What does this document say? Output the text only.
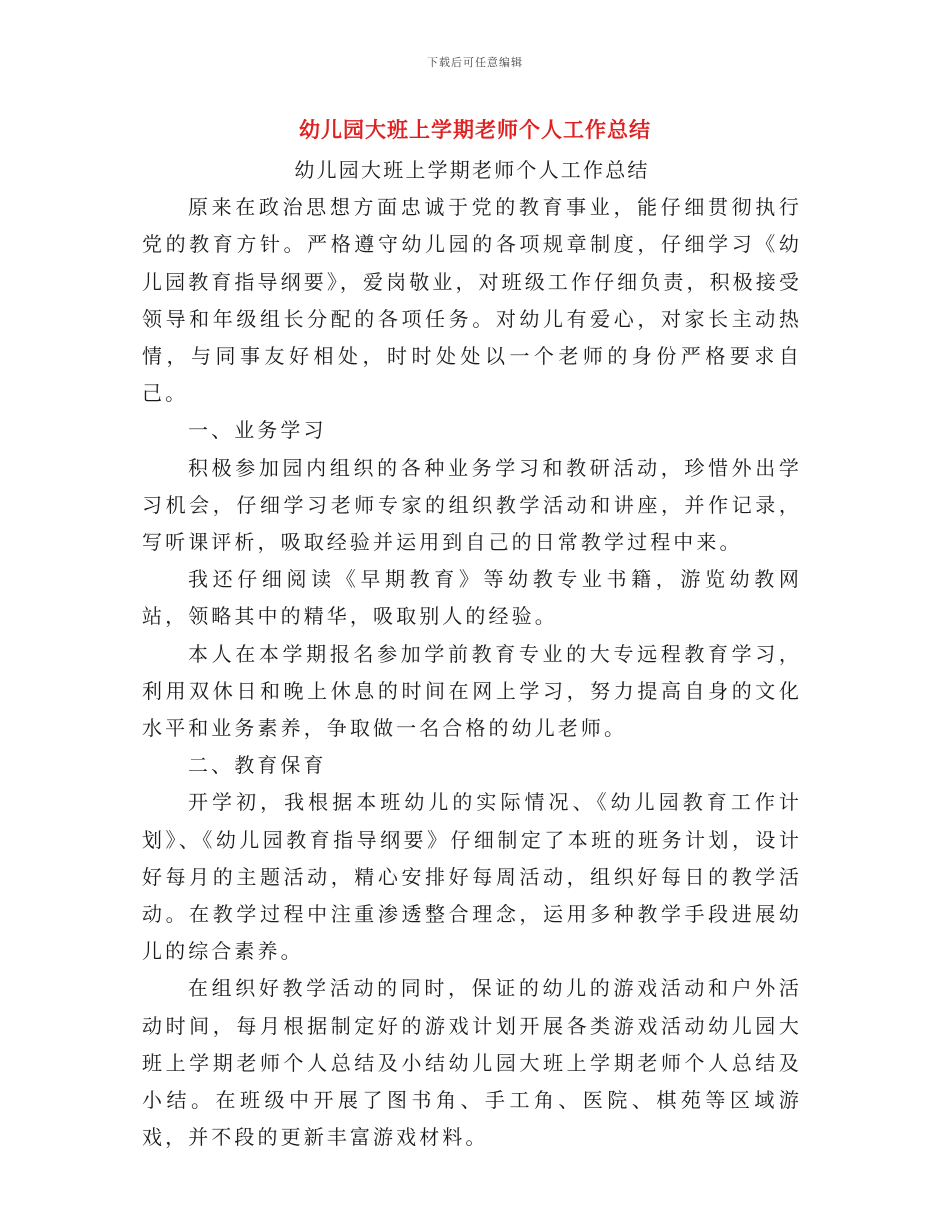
下载后可任意编辑
幼儿园大班上学期老师个人工作总结

幼儿园大班上学期老师个人工作总结

原来在政治思想方面忠诚于党的教育事业，能仔细贯彻执行党的教育方针。严格遵守幼儿园的各项规章制度，仔细学习《幼儿园教育指导纲要》，爱岗敬业，对班级工作仔细负责，积极接受领导和年级组长分配的各项任务。对幼儿有爱心，对家长主动热情，与同事友好相处，时时处处以一个老师的身份严格要求自己。

一、业务学习

积极参加园内组织的各种业务学习和教研活动，珍惜外出学习机会，仔细学习老师专家的组织教学活动和讲座，并作记录，写听课评析，吸取经验并运用到自己的日常教学过程中来。

我还仔细阅读《早期教育》等幼教专业书籍，游览幼教网站，领略其中的精华，吸取别人的经验。

本人在本学期报名参加学前教育专业的大专远程教育学习，利用双休日和晚上休息的时间在网上学习，努力提高自身的文化水平和业务素养，争取做一名合格的幼儿老师。

二、教育保育

开学初，我根据本班幼儿的实际情况、《幼儿园教育工作计划》、《幼儿园教育指导纲要》仔细制定了本班的班务计划，设计好每月的主题活动，精心安排好每周活动，组织好每日的教学活动。在教学过程中注重渗透整合理念，运用多种教学手段进展幼儿的综合素养。

在组织好教学活动的同时，保证的幼儿的游戏活动和户外活动时间，每月根据制定好的游戏计划开展各类游戏活动幼儿园大班上学期老师个人总结及小结幼儿园大班上学期老师个人总结及小结。在班级中开展了图书角、手工角、医院、棋苑等区域游戏，并不段的更新丰富游戏材料。
